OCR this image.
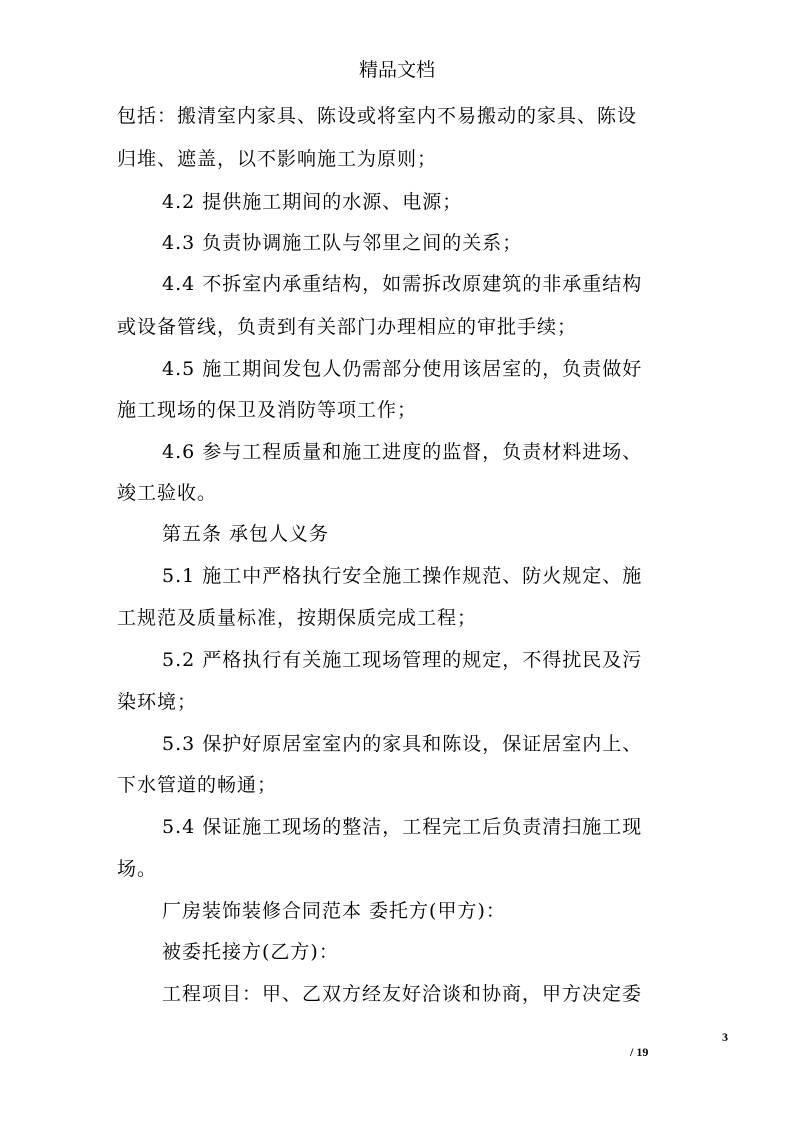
精品文档

包括：搬清室内家具、陈设或将室内不易搬动的家具、陈设

归堆、遮盖，以不影响施工为原则；

4.2 提供施工期间的水源、电源；

4.3 负责协调施工队与邻里之间的关系；

4.4 不拆室内承重结构，如需拆改原建筑的非承重结构

或设备管线，负责到有关部门办理相应的审批手续；

4.5 施工期间发包人仍需部分使用该居室的，负责做好

施工现场的保卫及消防等项工作；

4.6 参与工程质量和施工进度的监督，负责材料进场、

竣工验收。

第五条 承包人义务

5.1 施工中严格执行安全施工操作规范、防火规定、施

工规范及质量标准，按期保质完成工程；

5.2 严格执行有关施工现场管理的规定，不得扰民及污

染环境；

5.3 保护好原居室室内的家具和陈设，保证居室内上、

下水管道的畅通；

5.4 保证施工现场的整洁，工程完工后负责清扫施工现

场。

厂房装饰装修合同范本 委托方(甲方)：

被委托接方(乙方)：

工程项目：甲、乙双方经友好洽谈和协商，甲方决定委

3
/ 19
